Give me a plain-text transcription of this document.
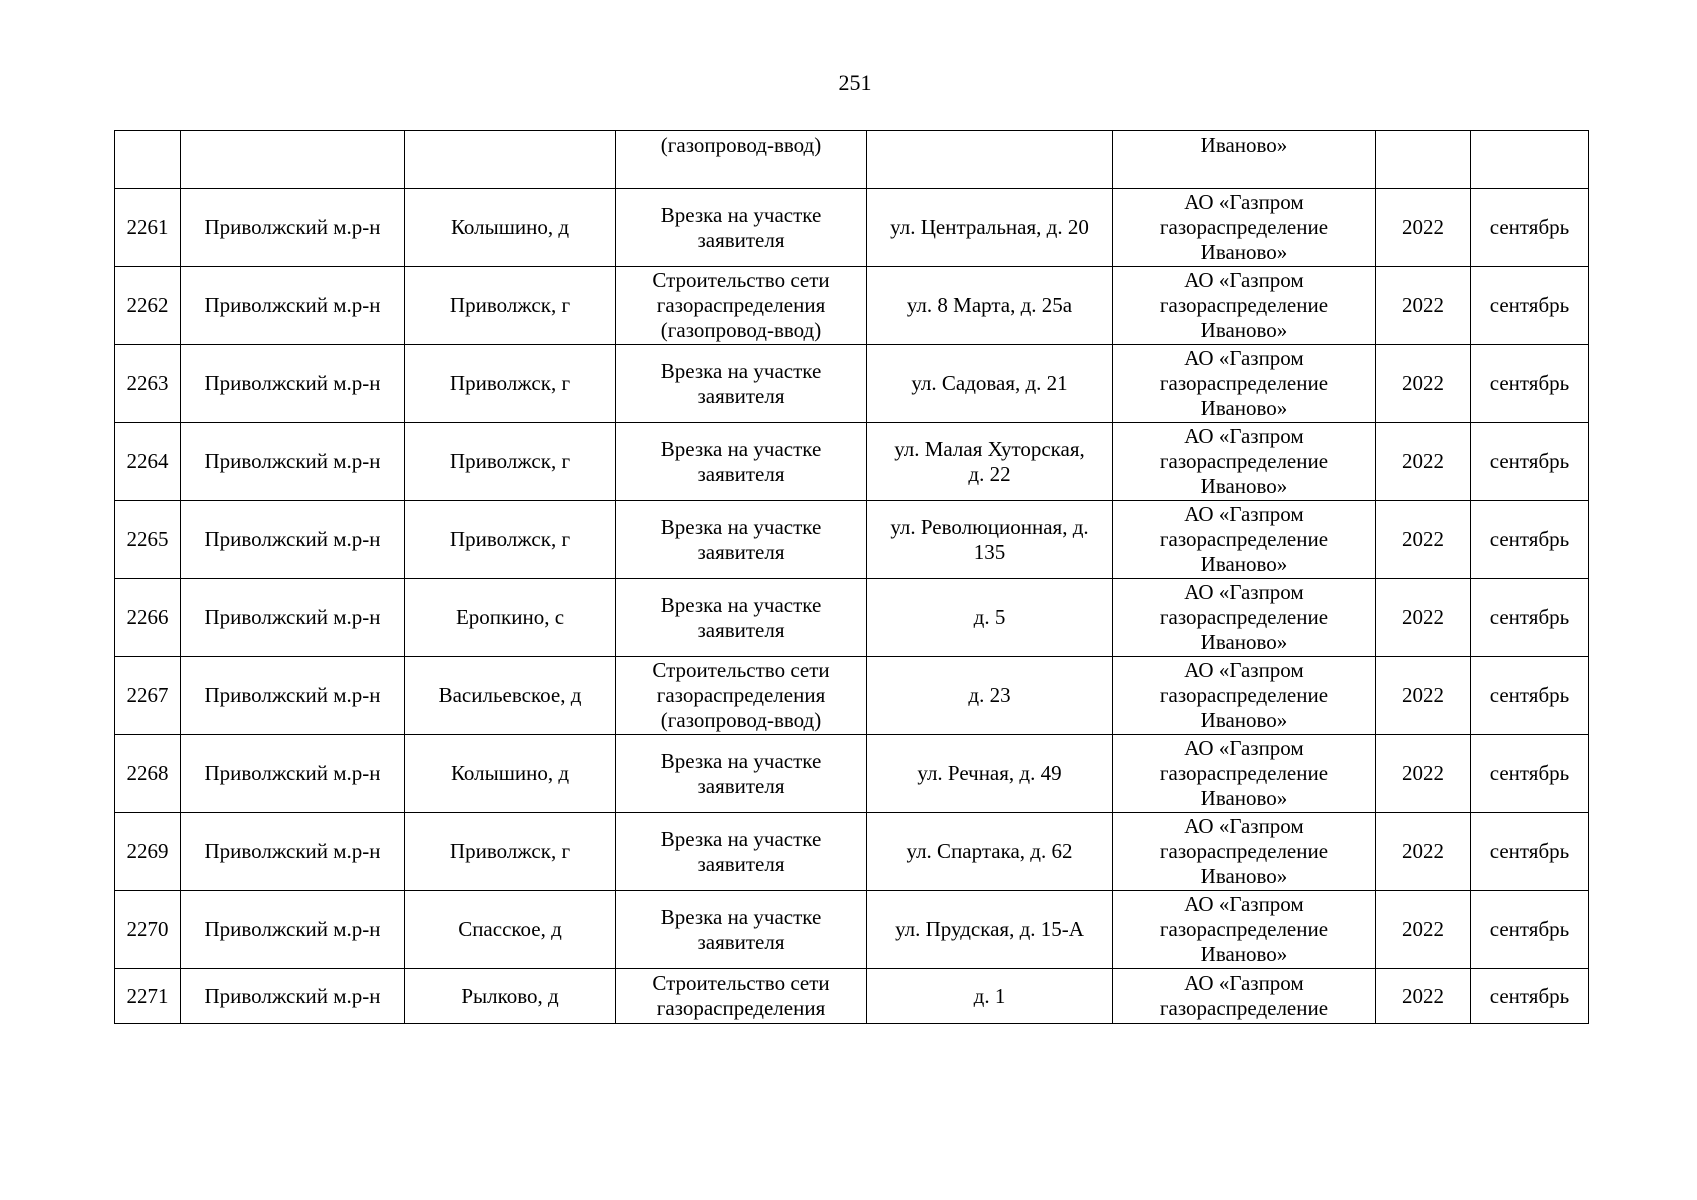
251
			(газопровод-ввод)		Иваново»		
2261	Приволжский м.р-н	Колышино, д	Врезка на участке
заявителя	ул. Центральная, д. 20	АО «Газпром
газораспределение
Иваново»	2022	сентябрь
2262	Приволжский м.р-н	Приволжск, г	Строительство сети
газораспределения
(газопровод-ввод)	ул. 8 Марта, д. 25а	АО «Газпром
газораспределение
Иваново»	2022	сентябрь
2263	Приволжский м.р-н	Приволжск, г	Врезка на участке
заявителя	ул. Садовая, д. 21	АО «Газпром
газораспределение
Иваново»	2022	сентябрь
2264	Приволжский м.р-н	Приволжск, г	Врезка на участке
заявителя	ул. Малая Хуторская,
д. 22	АО «Газпром
газораспределение
Иваново»	2022	сентябрь
2265	Приволжский м.р-н	Приволжск, г	Врезка на участке
заявителя	ул. Революционная, д.
135	АО «Газпром
газораспределение
Иваново»	2022	сентябрь
2266	Приволжский м.р-н	Еропкино, с	Врезка на участке
заявителя	д. 5	АО «Газпром
газораспределение
Иваново»	2022	сентябрь
2267	Приволжский м.р-н	Васильевское, д	Строительство сети
газораспределения
(газопровод-ввод)	д. 23	АО «Газпром
газораспределение
Иваново»	2022	сентябрь
2268	Приволжский м.р-н	Колышино, д	Врезка на участке
заявителя	ул. Речная, д. 49	АО «Газпром
газораспределение
Иваново»	2022	сентябрь
2269	Приволжский м.р-н	Приволжск, г	Врезка на участке
заявителя	ул. Спартака, д. 62	АО «Газпром
газораспределение
Иваново»	2022	сентябрь
2270	Приволжский м.р-н	Спасское, д	Врезка на участке
заявителя	ул. Прудская, д. 15-А	АО «Газпром
газораспределение
Иваново»	2022	сентябрь
2271	Приволжский м.р-н	Рылково, д	Строительство сети
газораспределения	д. 1	АО «Газпром
газораспределение	2022	сентябрь
